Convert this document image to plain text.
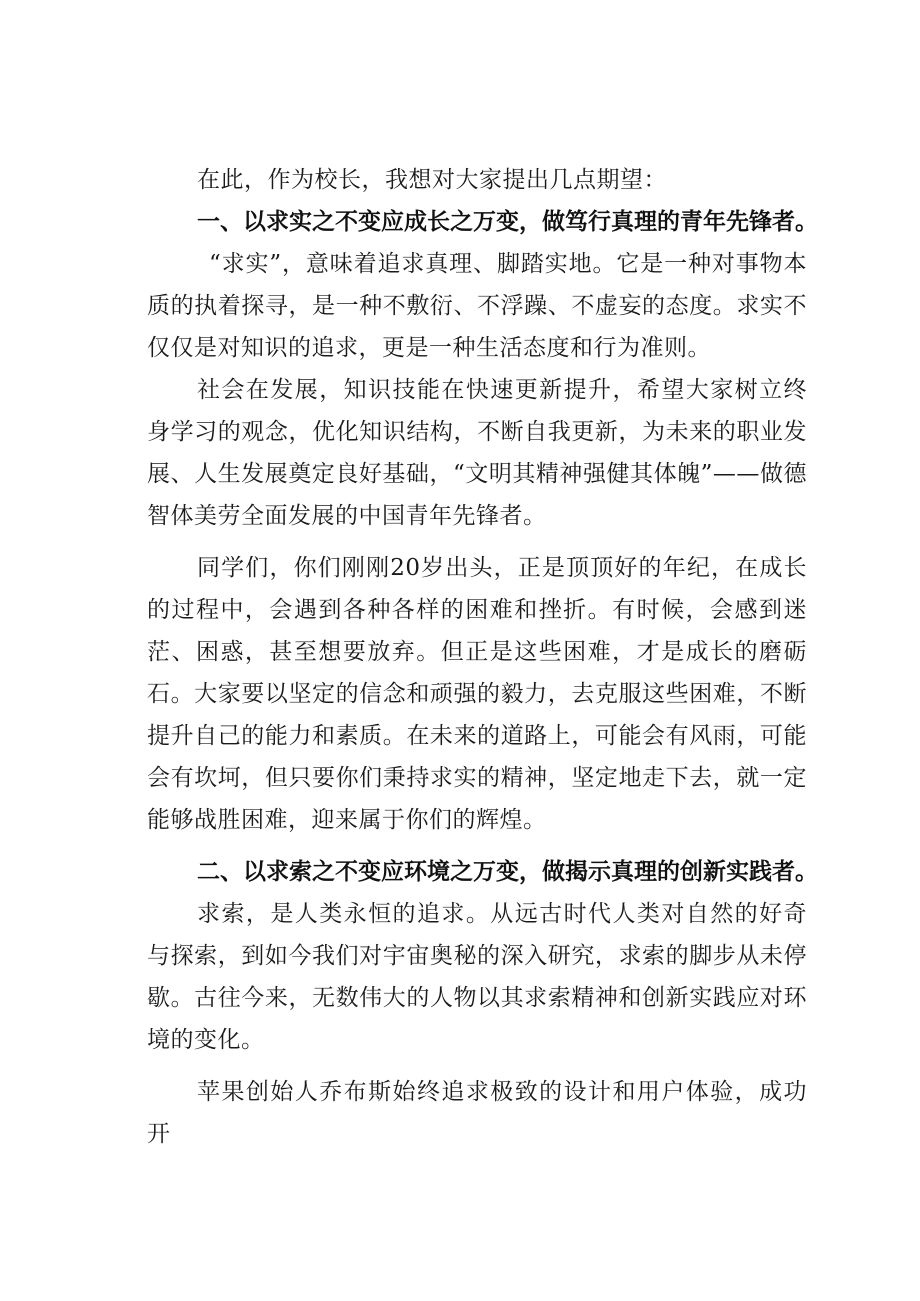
在此，作为校长，我想对大家提出几点期望：

一、以求实之不变应成长之万变，做笃行真理的青年先锋者。

“求实”，意味着追求真理、脚踏实地。它是一种对事物本质的执着探寻，是一种不敷衍、不浮躁、不虚妄的态度。求实不仅仅是对知识的追求，更是一种生活态度和行为准则。

社会在发展，知识技能在快速更新提升，希望大家树立终身学习的观念，优化知识结构，不断自我更新，为未来的职业发展、人生发展奠定良好基础，“文明其精神强健其体魄”——做德智体美劳全面发展的中国青年先锋者。

同学们，你们刚刚20岁出头，正是顶顶好的年纪，在成长的过程中，会遇到各种各样的困难和挫折。有时候，会感到迷茫、困惑，甚至想要放弃。但正是这些困难，才是成长的磨砺石。大家要以坚定的信念和顽强的毅力，去克服这些困难，不断提升自己的能力和素质。在未来的道路上，可能会有风雨，可能会有坎坷，但只要你们秉持求实的精神，坚定地走下去，就一定能够战胜困难，迎来属于你们的辉煌。

二、以求索之不变应环境之万变，做揭示真理的创新实践者。

求索，是人类永恒的追求。从远古时代人类对自然的好奇与探索，到如今我们对宇宙奥秘的深入研究，求索的脚步从未停歇。古往今来，无数伟大的人物以其求索精神和创新实践应对环境的变化。

苹果创始人乔布斯始终追求极致的设计和用户体验，成功开
